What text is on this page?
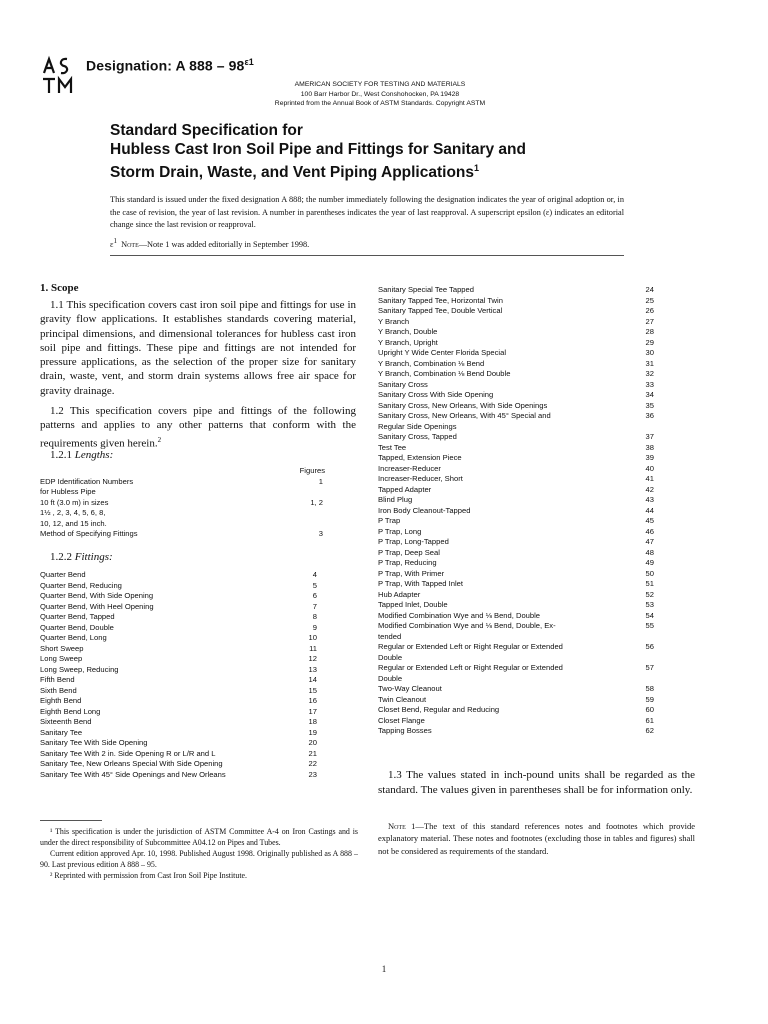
Designation: A $888 - 98^{\varepsilon 1}$
AMERICAN SOCIETY FOR TESTING AND MATERIALS
100 Barr Harbor Dr., West Conshohocken, PA 19428
Reprinted from the Annual Book of ASTM Standards. Copyright ASTM
Standard Specification for
Hubless Cast Iron Soil Pipe and Fittings for Sanitary and
Storm Drain, Waste, and Vent Piping Applications$^1$
This standard is issued under the fixed designation A 888; the number immediately following the designation indicates the year of original adoption or, in the case of revision, the year of last revision. A number in parentheses indicates the year of last reapproval. A superscript epsilon (ε) indicates an editorial change since the last revision or reapproval.
$\varepsilon^1$ Note—Note 1 was added editorially in September 1998.
1. Scope
1.1 This specification covers cast iron soil pipe and fittings for use in gravity flow applications. It establishes standards covering material, principal dimensions, and dimensional tolerances for hubless cast iron soil pipe and fittings. These pipe and fittings are not intended for pressure applications, as the selection of the proper size for sanitary drain, waste, vent, and storm drain systems allows free air space for gravity drainage.
1.2 This specification covers pipe and fittings of the following patterns and applies to any other patterns that conform with the requirements given herein.$^2$
1.2.1 Lengths:
Figures
EDP Identification Numbers	1
for Hubless Pipe
10 ft (3.0 m) in sizes	1, 2
1½ , 2, 3, 4, 5, 6, 8,
10, 12, and 15 inch.
Method of Specifying Fittings	3
1.2.2 Fittings:
Quarter Bend	4
Quarter Bend, Reducing	5
Quarter Bend, With Side Opening	6
Quarter Bend, With Heel Opening	7
Quarter Bend, Tapped	8
Quarter Bend, Double	9
Quarter Bend, Long	10
Short Sweep	11
Long Sweep	12
Long Sweep, Reducing	13
Fifth Bend	14
Sixth Bend	15
Eighth Bend	16
Eighth Bend Long	17
Sixteenth Bend	18
Sanitary Tee	19
Sanitary Tee With Side Opening	20
Sanitary Tee With 2 in. Side Opening R or L/R and L	21
Sanitary Tee, New Orleans Special With Side Opening	22
Sanitary Tee With 45° Side Openings and New Orleans	23
Sanitary Special Tee Tapped	24
Sanitary Tapped Tee, Horizontal Twin	25
Sanitary Tapped Tee, Double Vertical	26
Y Branch	27
Y Branch, Double	28
Y Branch, Upright	29
Upright Y Wide Center Florida Special	30
Y Branch, Combination ⅛ Bend	31
Y Branch, Combination ⅛ Bend Double	32
Sanitary Cross	33
Sanitary Cross With Side Opening	34
Sanitary Cross, New Orleans, With Side Openings	35
Sanitary Cross, New Orleans, With 45° Special and	36
Regular Side Openings
Sanitary Cross, Tapped	37
Test Tee	38
Tapped, Extension Piece	39
Increaser-Reducer	40
Increaser-Reducer, Short	41
Tapped Adapter	42
Blind Plug	43
Iron Body Cleanout-Tapped	44
P Trap	45
P Trap, Long	46
P Trap, Long-Tapped	47
P Trap, Deep Seal	48
P Trap, Reducing	49
P Trap, With Primer	50
P Trap, With Tapped Inlet	51
Hub Adapter	52
Tapped Inlet, Double	53
Modified Combination Wye and ⅛ Bend, Double	54
Modified Combination Wye and ⅛ Bend, Double, Ex-	55
tended
Regular or Extended Left or Right Regular or Extended	56
Double
Regular or Extended Left or Right Regular or Extended	57
Double
Two-Way Cleanout	58
Twin Cleanout	59
Closet Bend, Regular and Reducing	60
Closet Flange	61
Tapping Bosses	62
1.3 The values stated in inch-pound units shall be regarded as the standard. The values given in parentheses shall be for information only.
Note 1—The text of this standard references notes and footnotes which provide explanatory material. These notes and footnotes (excluding those in tables and figures) shall not be considered as requirements of the standard.

¹ This specification is under the jurisdiction of ASTM Committee A-4 on Iron Castings and is under the direct responsibility of Subcommittee A04.12 on Pipes and Tubes.

Current edition approved Apr. 10, 1998. Published August 1998. Originally published as A 888 – 90. Last previous edition A 888 – 95.

² Reprinted with permission from Cast Iron Soil Pipe Institute.

1
